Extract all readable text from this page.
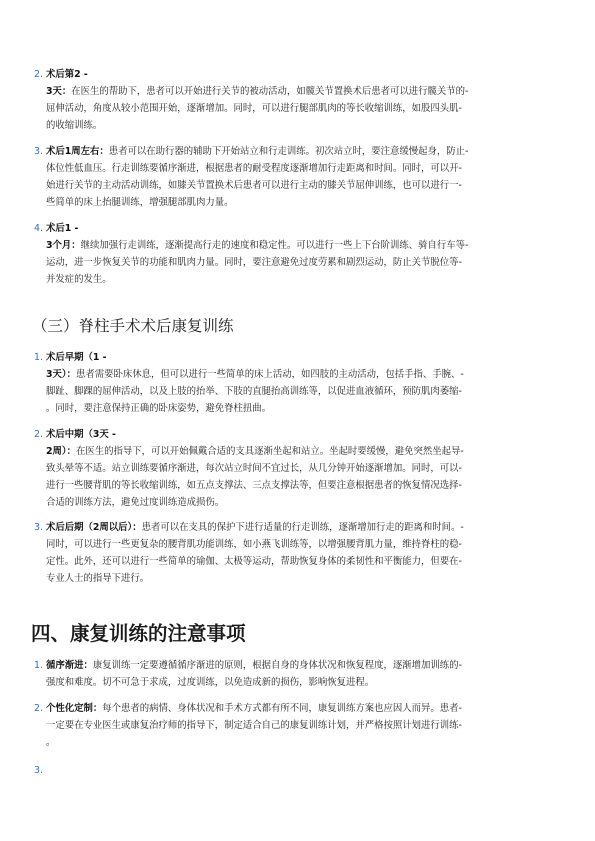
2. 术后第2 -
3天：在医生的帮助下，患者可以开始进行关节的被动活动，如髋关节置换术后患者可以进行髋关节的-
屈伸活动，角度从较小范围开始，逐渐增加。同时，可以进行腿部肌肉的等长收缩训练，如股四头肌-
的收缩训练。
3. 术后1周左右：患者可以在助行器的辅助下开始站立和行走训练。初次站立时，要注意缓慢起身，防止-
体位性低血压。行走训练要循序渐进，根据患者的耐受程度逐渐增加行走距离和时间。同时，可以开-
始进行关节的主动活动训练，如膝关节置换术后患者可以进行主动的膝关节屈伸训练，也可以进行一-
些简单的床上抬腿训练，增强腿部肌肉力量。
4. 术后1 -
3个月：继续加强行走训练，逐渐提高行走的速度和稳定性。可以进行一些上下台阶训练、骑自行车等-
运动，进一步恢复关节的功能和肌肉力量。同时，要注意避免过度劳累和剧烈运动，防止关节脱位等-
并发症的发生。
（三）脊柱手术术后康复训练
1. 术后早期（1 -
3天）：患者需要卧床休息，但可以进行一些简单的床上活动，如四肢的主动活动，包括手指、手腕、-
脚趾、脚踝的屈伸活动，以及上肢的抬举、下肢的直腿抬高训练等，以促进血液循环，预防肌肉萎缩-
。同时，要注意保持正确的卧床姿势，避免脊柱扭曲。
2. 术后中期（3天 -
2周）：在医生的指导下，可以开始佩戴合适的支具逐渐坐起和站立。坐起时要缓慢，避免突然坐起导-
致头晕等不适。站立训练要循序渐进，每次站立时间不宜过长，从几分钟开始逐渐增加。同时，可以-
进行一些腰背肌的等长收缩训练，如五点支撑法、三点支撑法等，但要注意根据患者的恢复情况选择-
合适的训练方法，避免过度训练造成损伤。
3. 术后后期（2周以后）：患者可以在支具的保护下进行适量的行走训练，逐渐增加行走的距离和时间。-
同时，可以进行一些更复杂的腰背肌功能训练，如小燕飞训练等，以增强腰背肌力量，维持脊柱的稳-
定性。此外，还可以进行一些简单的瑜伽、太极等运动，帮助恢复身体的柔韧性和平衡能力，但要在-
专业人士的指导下进行。
四、康复训练的注意事项
1. 循序渐进：康复训练一定要遵循循序渐进的原则，根据自身的身体状况和恢复程度，逐渐增加训练的-
强度和难度。切不可急于求成，过度训练，以免造成新的损伤，影响恢复进程。
2. 个性化定制：每个患者的病情、身体状况和手术方式都有所不同，康复训练方案也应因人而异。患者-
一定要在专业医生或康复治疗师的指导下，制定适合自己的康复训练计划，并严格按照计划进行训练-
。
3.
